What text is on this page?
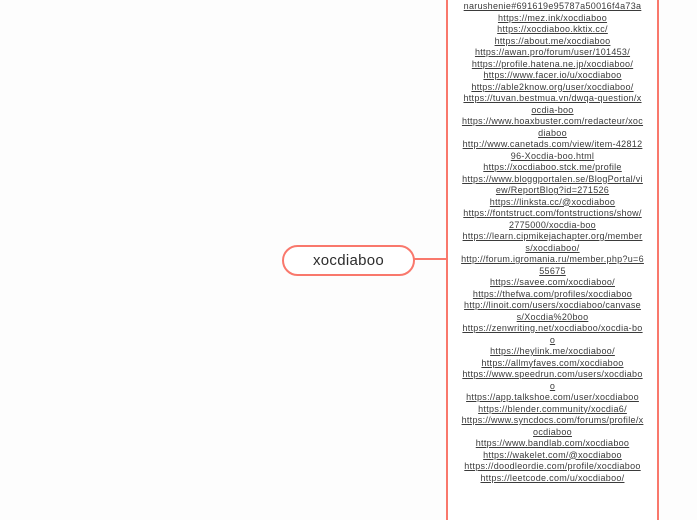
xocdiaboo
narushenie#691619e95787a50016f4a73a
https://mez.ink/xocdiaboo
https://xocdiaboo.kktix.cc/
https://about.me/xocdiaboo
https://awan.pro/forum/user/101453/
https://profile.hatena.ne.jp/xocdiaboo/
https://www.facer.io/u/xocdiaboo
https://able2know.org/user/xocdiaboo/
https://tuvan.bestmua.vn/dwqa-question/xocdia-boo
https://www.hoaxbuster.com/redacteur/xocdiaboo
http://www.canetads.com/view/item-4281296-Xocdia-boo.html
https://xocdiaboo.stck.me/profile
https://www.bloggportalen.se/BlogPortal/view/ReportBlog?id=271526
https://linksta.cc/@xocdiaboo
https://fontstruct.com/fontstructions/show/2775000/xocdia-boo
https://learn.cipmikejachapter.org/members/xocdiaboo/
http://forum.igromania.ru/member.php?u=655675
https://savee.com/xocdiaboo/
https://thefwa.com/profiles/xocdiaboo
http://linoit.com/users/xocdiaboo/canvases/Xocdia%20boo
https://zenwriting.net/xocdiaboo/xocdia-boo
https://heylink.me/xocdiaboo/
https://allmyfaves.com/xocdiaboo
https://www.speedrun.com/users/xocdiaboo
https://app.talkshoe.com/user/xocdiaboo
https://blender.community/xocdia6/
https://www.syncdocs.com/forums/profile/xocdiaboo
https://www.bandlab.com/xocdiaboo
https://wakelet.com/@xocdiaboo
https://doodleordie.com/profile/xocdiaboo
https://leetcode.com/u/xocdiaboo/
